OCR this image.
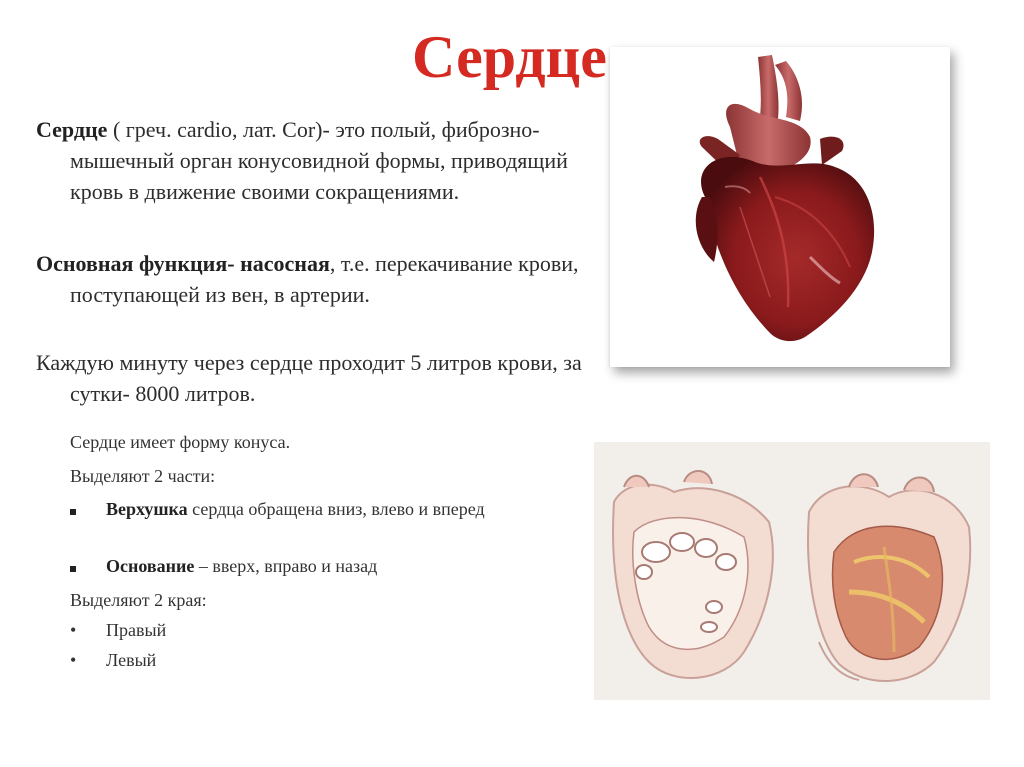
Сердце

Сердце ( греч. cardio, лат. Cor)- это полый, фиброзно-мышечный орган конусовидной формы, приводящий кровь в движение своими сокращениями.

Основная функция- насосная, т.е. перекачивание крови, поступающей из вен, в артерии.

Каждую минуту через сердце проходит 5 литров крови, за сутки- 8000 литров.

Сердце имеет форму конуса.
Выделяют 2 части:
Верхушка сердца обращена вниз, влево и вперед
Основание – вверх, вправо и назад
Выделяют 2 края:
• Правый
• Левый
